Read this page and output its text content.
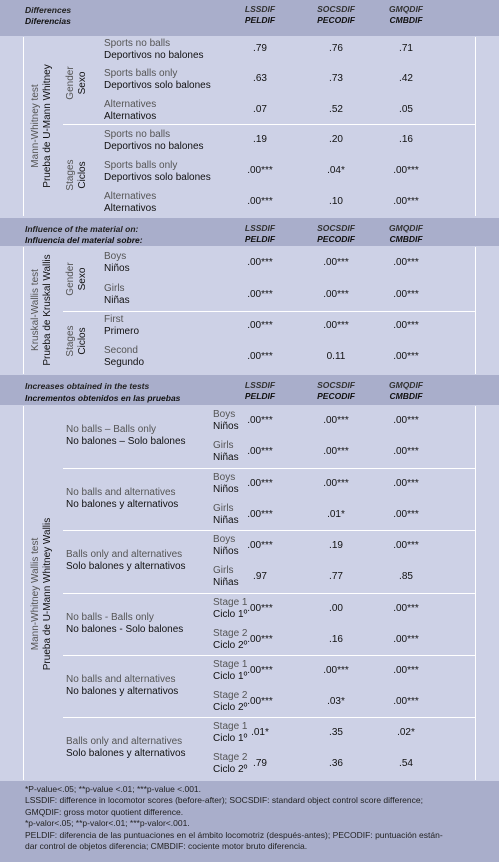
Differences
Diferencias
LSSDIF
PELDIF
SOCSDIF
PECODIF
GMQDIF
CMBDIF
Mann-Whitney test Prueba de U-Mann Whitney Gender Sexo
Sports no balls
Deportivos no balones
.79	.76	.71
Sports balls only
Deportivos solo balones
.63	.73	.42
Alternatives
Alternativos
.07	.52	.05
Stages Ciclos
Sports no balls
Deportivos no balones
.19	.20	.16
Sports balls only
Deportivos solo balones
.00***	.04*	.00***
Alternatives
Alternativos
.00***	.10	.00***
Influence of the material on:
Influencia del material sobre:
LSSDIF
PELDIF
SOCSDIF
PECODIF
GMQDIF
CMBDIF
Kruskal-Wallis test Prueba de Kruskal Wallis Gender Sexo
Boys
Niños
.00***	.00***	.00***
Girls
Niñas
.00***	.00***	.00***
Stages Ciclos
First
Primero
.00***	.00***	.00***
Second
Segundo
.00***	0.11	.00***
Increases obtained in the tests
Incrementos obtenidos en las pruebas
LSSDIF
PELDIF
SOCSDIF
PECODIF
GMQDIF
CMBDIF
Mann-Whitney Wallis test Prueba de U-Mann Whitney Wallis
No balls – Balls only
No balones – Solo balones
Boys
Niños
.00***	.00***	.00***
Girls
Niñas
.00***	.00***	.00***
No balls and alternatives
No balones y alternativos
Boys
Niños
.00***	.00***	.00***
Girls
Niñas
.00***	.01*	.00***
Balls only and alternatives
Solo balones y alternativos
Boys
Niños
.00***	.19	.00***
Girls
Niñas
.97	.77	.85
No balls - Balls only
No balones - Solo balones
Stage 1
Ciclo 1º
.00***	.00	.00***
Stage 2
Ciclo 2º
.00***	.16	.00***
No balls and alternatives
No balones y alternativos
Stage 1
Ciclo 1º
.00***	.00***	.00***
Stage 2
Ciclo 2º
.00***	.03*	.00***
Balls only and alternatives
Solo balones y alternativos
Stage 1
Ciclo 1º
.01*	.35	.02*
Stage 2
Ciclo 2º
.79	.36	.54
*P-value<.05; **p-value <.01; ***p-value <.001.
LSSDIF: difference in locomotor scores (before-after); SOCSDIF: standard object control score difference;
GMQDIF: gross motor quotient difference.
*p-valor<.05; **p-valor<.01; ***p-valor<.001.
PELDIF: diferencia de las puntuaciones en el ámbito locomotriz (después-antes); PECODIF: puntuación están-
dar control de objetos diferencia; CMBDIF: cociente motor bruto diferencia.
